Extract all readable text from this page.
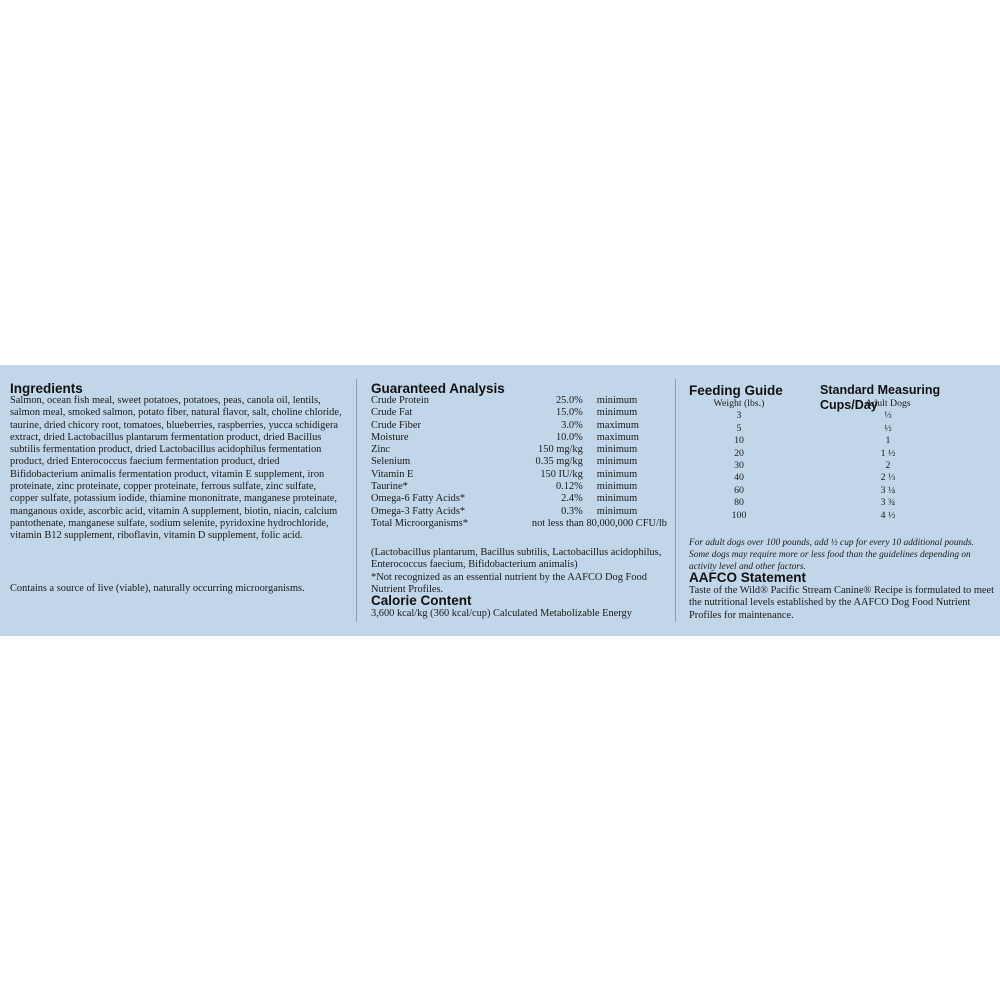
Ingredients

Salmon, ocean fish meal, sweet potatoes, potatoes, peas, canola oil, lentils, salmon meal, smoked salmon, potato fiber, natural flavor, salt, choline chloride, taurine, dried chicory root, tomatoes, blueberries, raspberries, yucca schidigera extract, dried Lactobacillus plantarum fermentation product, dried Bacillus subtilis fermentation product, dried Lactobacillus acidophilus fermentation product, dried Enterococcus faecium fermentation product, dried Bifidobacterium animalis fermentation product, vitamin E supplement, iron proteinate, zinc proteinate, copper proteinate, ferrous sulfate, zinc sulfate, copper sulfate, potassium iodide, thiamine mononitrate, manganese proteinate, manganous oxide, ascorbic acid, vitamin A supplement, biotin, niacin, calcium pantothenate, manganese sulfate, sodium selenite, pyridoxine hydrochloride, vitamin B12 supplement, riboflavin, vitamin D supplement, folic acid.

Contains a source of live (viable), naturally occurring microorganisms.

Guaranteed Analysis
Crude Protein	25.0%	minimum
Crude Fat	15.0%	minimum
Crude Fiber	3.0%	maximum
Moisture	10.0%	maximum
Zinc	150 mg/kg	minimum
Selenium	0.35 mg/kg	minimum
Vitamin E	150 IU/kg	minimum
Taurine*	0.12%	minimum
Omega-6 Fatty Acids*	2.4%	minimum
Omega-3 Fatty Acids*	0.3%	minimum
Total Microorganisms*	not less than 80,000,000 CFU/lb	
(Lactobacillus plantarum, Bacillus subtilis, Lactobacillus acidophilus, Enterococcus faecium, Bifidobacterium animalis)
*Not recognized as an essential nutrient by the AAFCO Dog Food Nutrient Profiles.
Calorie Content

3,600 kcal/kg (360 kcal/cup) Calculated Metabolizable Energy

Feeding Guide	Standard Measuring Cups/Day
Weight (lbs.)	Adult Dogs
3	⅓
5	½
10	1
20	1 ½
30	2
40	2 ⅓
60	3 ¼
80	3 ¾
100	4 ½

For adult dogs over 100 pounds, add ½ cup for every 10 additional pounds. Some dogs may require more or less food than the guidelines depending on activity level and other factors.

AAFCO Statement

Taste of the Wild® Pacific Stream Canine® Recipe is formulated to meet the nutritional levels established by the AAFCO Dog Food Nutrient Profiles for maintenance.
